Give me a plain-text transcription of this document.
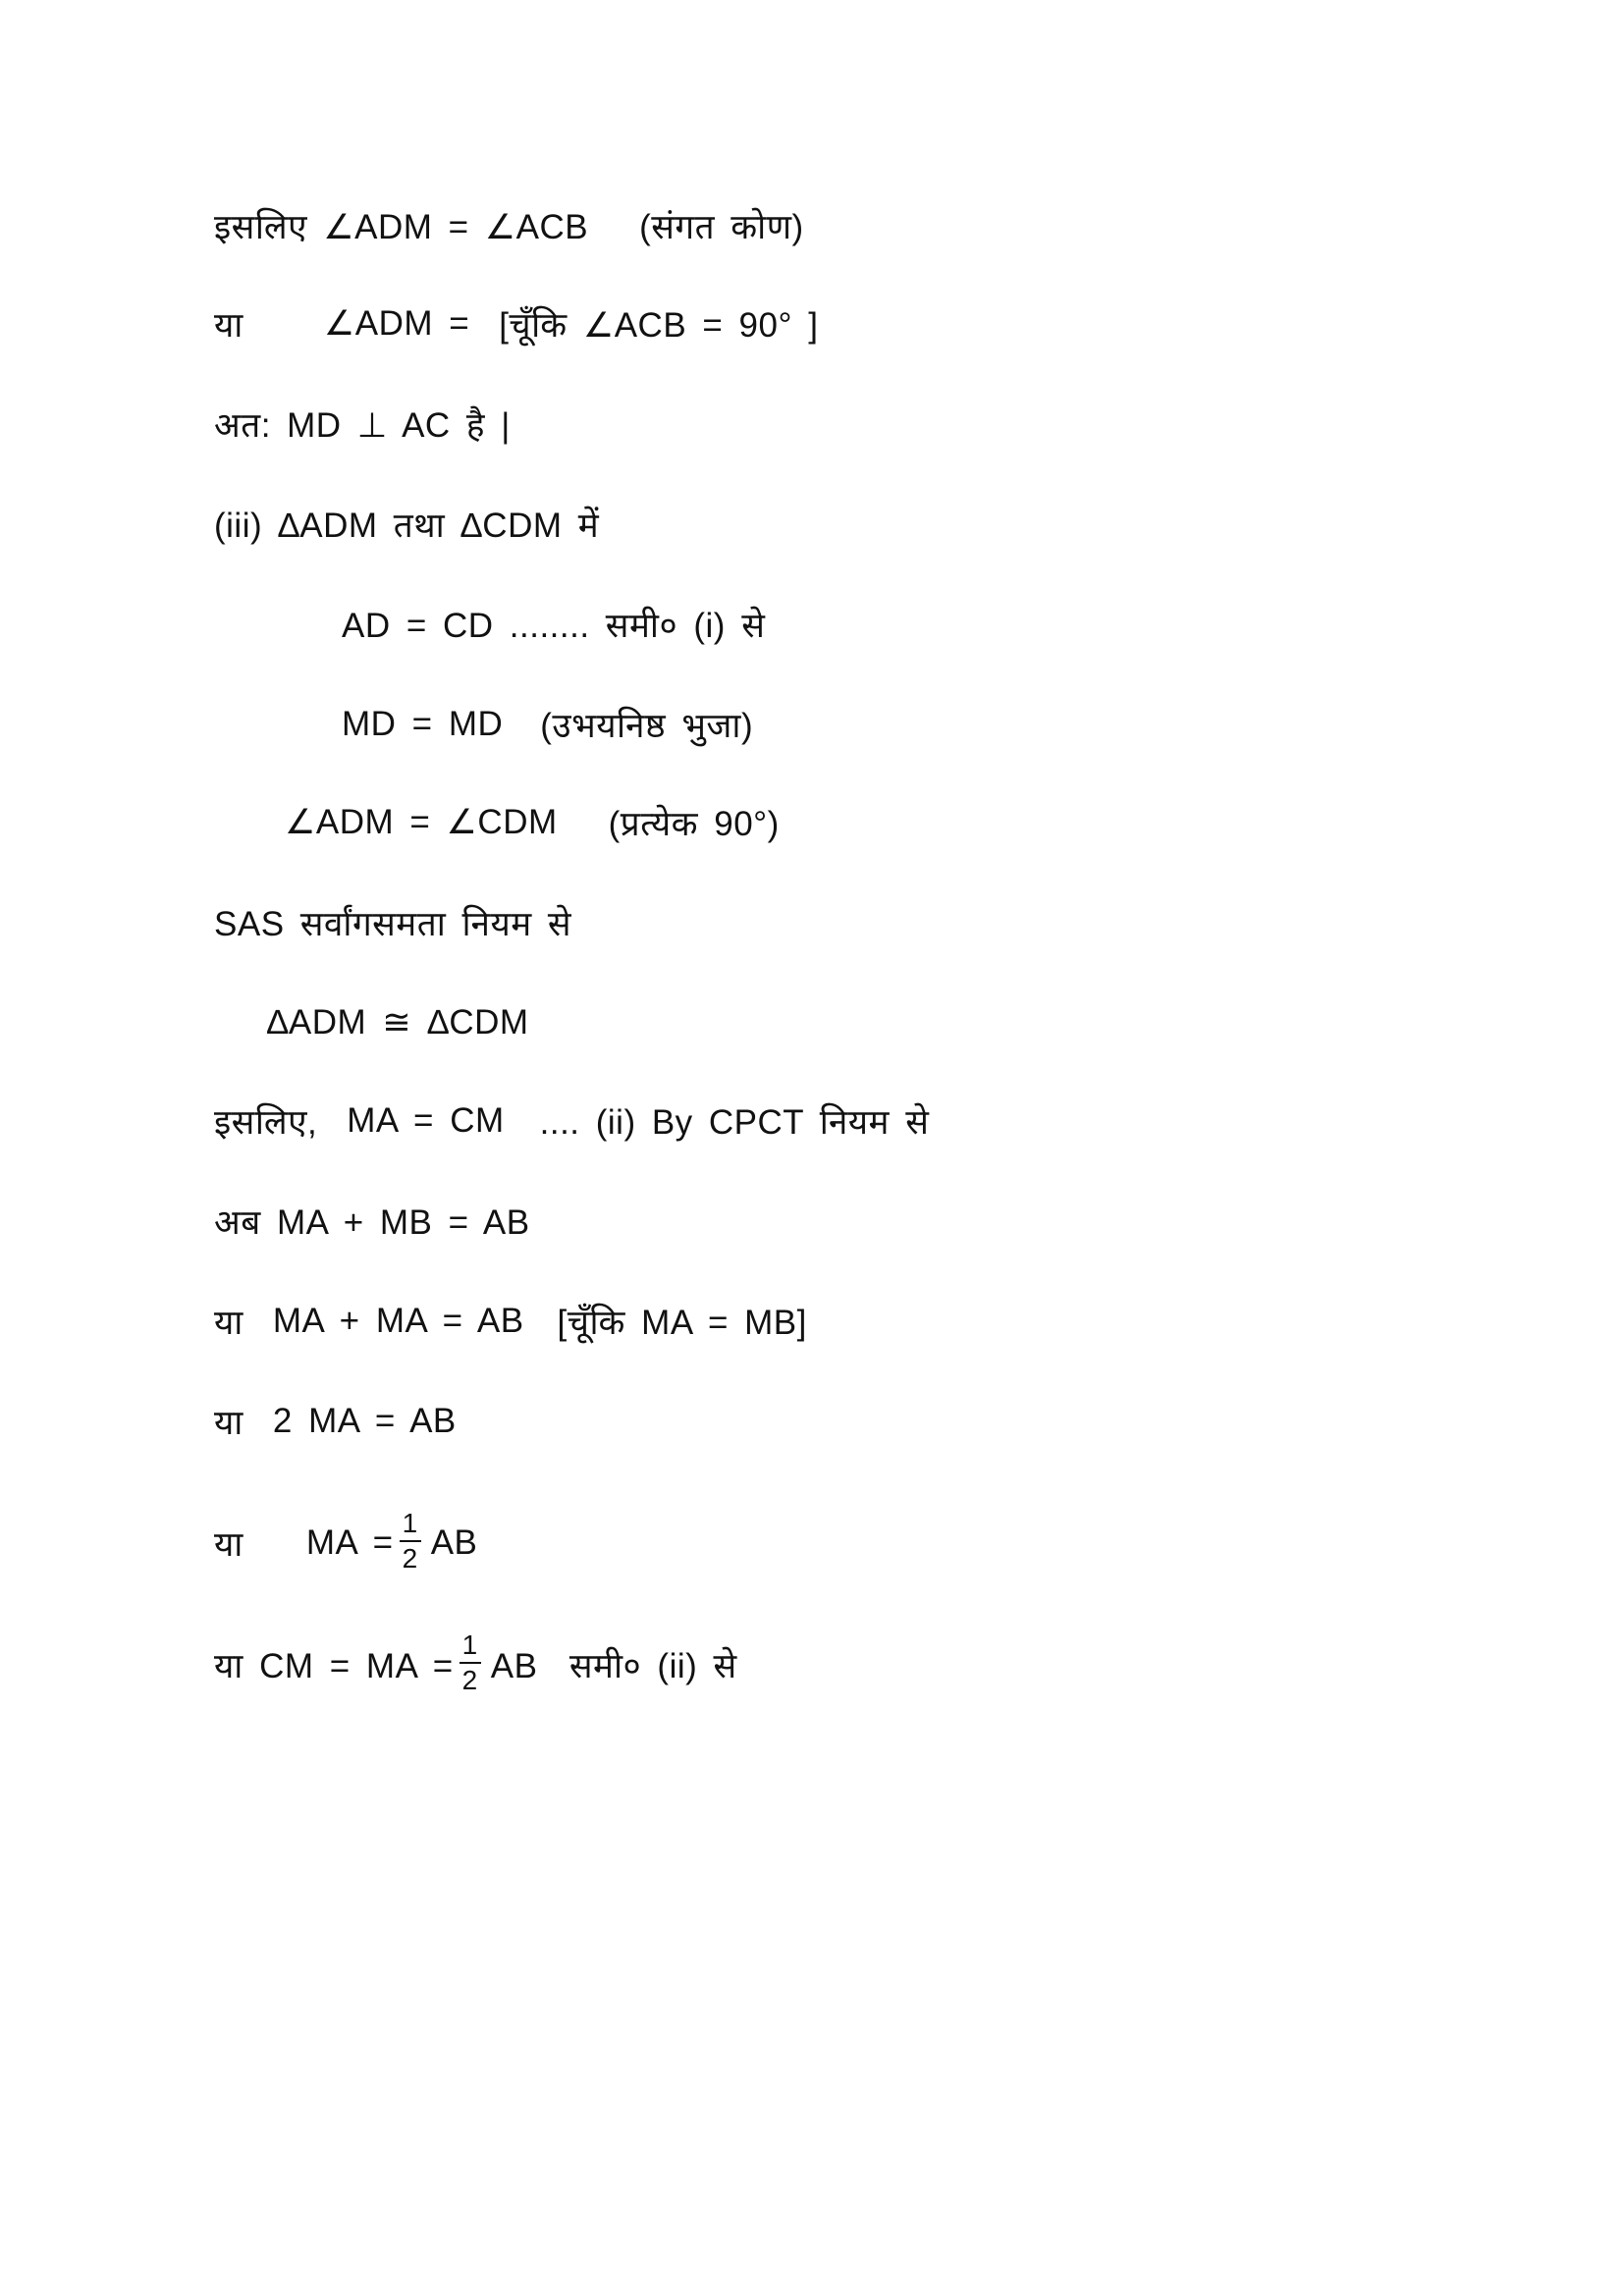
इसलिए ∠ADM = ∠ACB (संगत कोण)
या ∠ADM = [चूँकि ∠ACB = 90° ]
अत: MD ⊥ AC है |
(iii) ∆ADM तथा ∆CDM में
AD = CD ........ समी० (i) से
MD = MD (उभयनिष्ठ भुजा)
∠ADM = ∠CDM (प्रत्येक 90°)
SAS सर्वांगसमता नियम से
∆ADM ≅ ∆CDM
इसलिए, MA = CM .... (ii) By CPCT नियम से
अब MA + MB = AB
या MA + MA = AB [चूँकि MA = MB]
या 2 MA = AB
या MA = $\frac{1}{2}$ AB
या CM = MA = $\frac{1}{2}$ AB  समी० (ii) से
